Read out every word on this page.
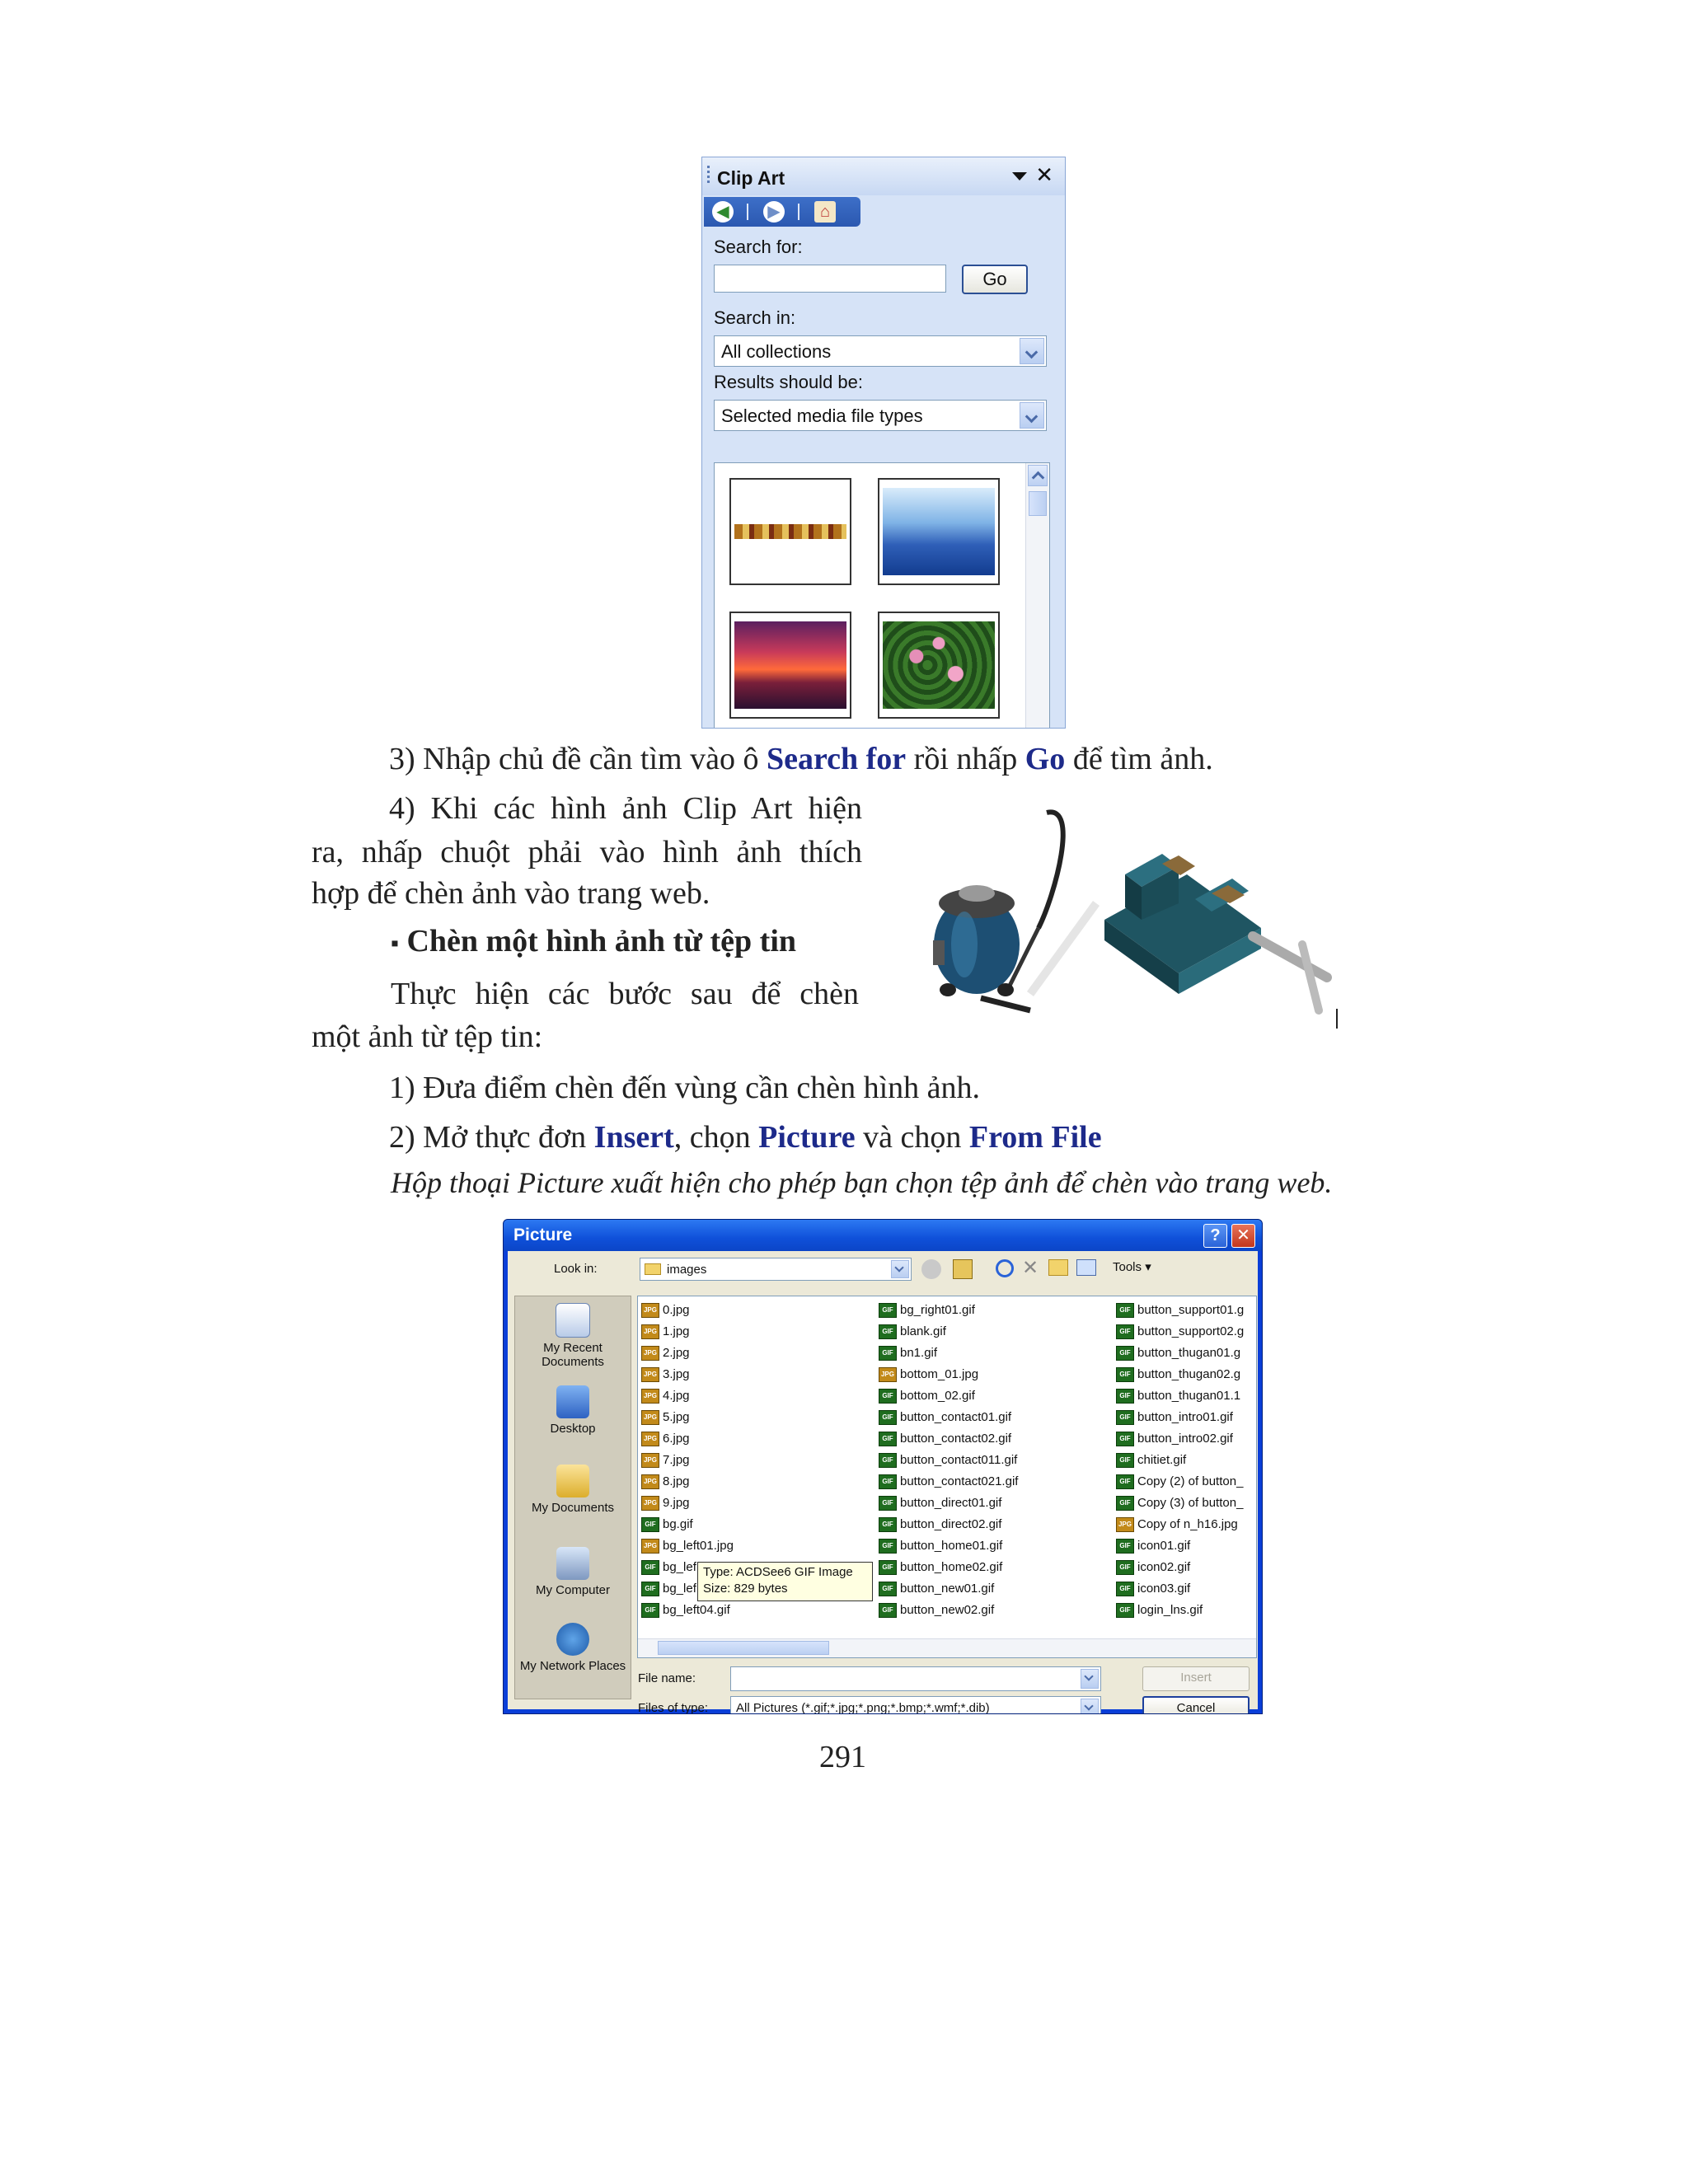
Clip Art	✕
◀ ▶	⌂
Search for:
Go
Search in:
All collections
Results should be:
Selected media file types
3) Nhập chủ đề cần tìm vào ô Search for rồi nhấp Go để tìm ảnh.
4) Khi các hình ảnh Clip Art hiện
ra, nhấp chuột phải vào hình ảnh thích
hợp để chèn ảnh vào trang web.
▪ Chèn một hình ảnh từ tệp tin
Thực hiện các bước sau để chèn
một ảnh từ tệp tin:
1) Đưa điểm chèn đến vùng cần chèn hình ảnh.
2) Mở thực đơn Insert, chọn Picture và chọn From File
Hộp thoại Picture xuất hiện cho phép bạn chọn tệp ảnh để chèn vào trang web.
Picture	? ✕
Look in:	images	✕	Tools ▾
My Recent Documents
Desktop
My Documents
My Computer
My Network Places
JPG 0.jpg
JPG 1.jpg
JPG 2.jpg
JPG 3.jpg
JPG 4.jpg
JPG 5.jpg
JPG 6.jpg
JPG 7.jpg
JPG 8.jpg
JPG 9.jpg
GIF bg.gif
JPG bg_left01.jpg
GIF bg_lef
GIF bg_lef
GIF bg_left04.gif
GIF bg_right01.gif
GIF blank.gif
GIF bn1.gif
JPG bottom_01.jpg
GIF bottom_02.gif
GIF button_contact01.gif
GIF button_contact02.gif
GIF button_contact011.gif
GIF button_contact021.gif
GIF button_direct01.gif
GIF button_direct02.gif
GIF button_home01.gif
GIF button_home02.gif
GIF button_new01.gif
GIF button_new02.gif
GIF button_support01.g
GIF button_support02.g
GIF button_thugan01.g
GIF button_thugan02.g
GIF button_thugan01.1
GIF button_intro01.gif
GIF button_intro02.gif
GIF chitiet.gif
GIF Copy (2) of button_
GIF Copy (3) of button_
JPG Copy of n_h16.jpg
GIF icon01.gif
GIF icon02.gif
GIF icon03.gif
GIF login_lns.gif
Type: ACDSee6 GIF Image
Size: 829 bytes
File name:	Insert
Files of type: All Pictures (*.gif;*.jpg;*.png;*.bmp;*.wmf;*.dib)	Cancel
291
